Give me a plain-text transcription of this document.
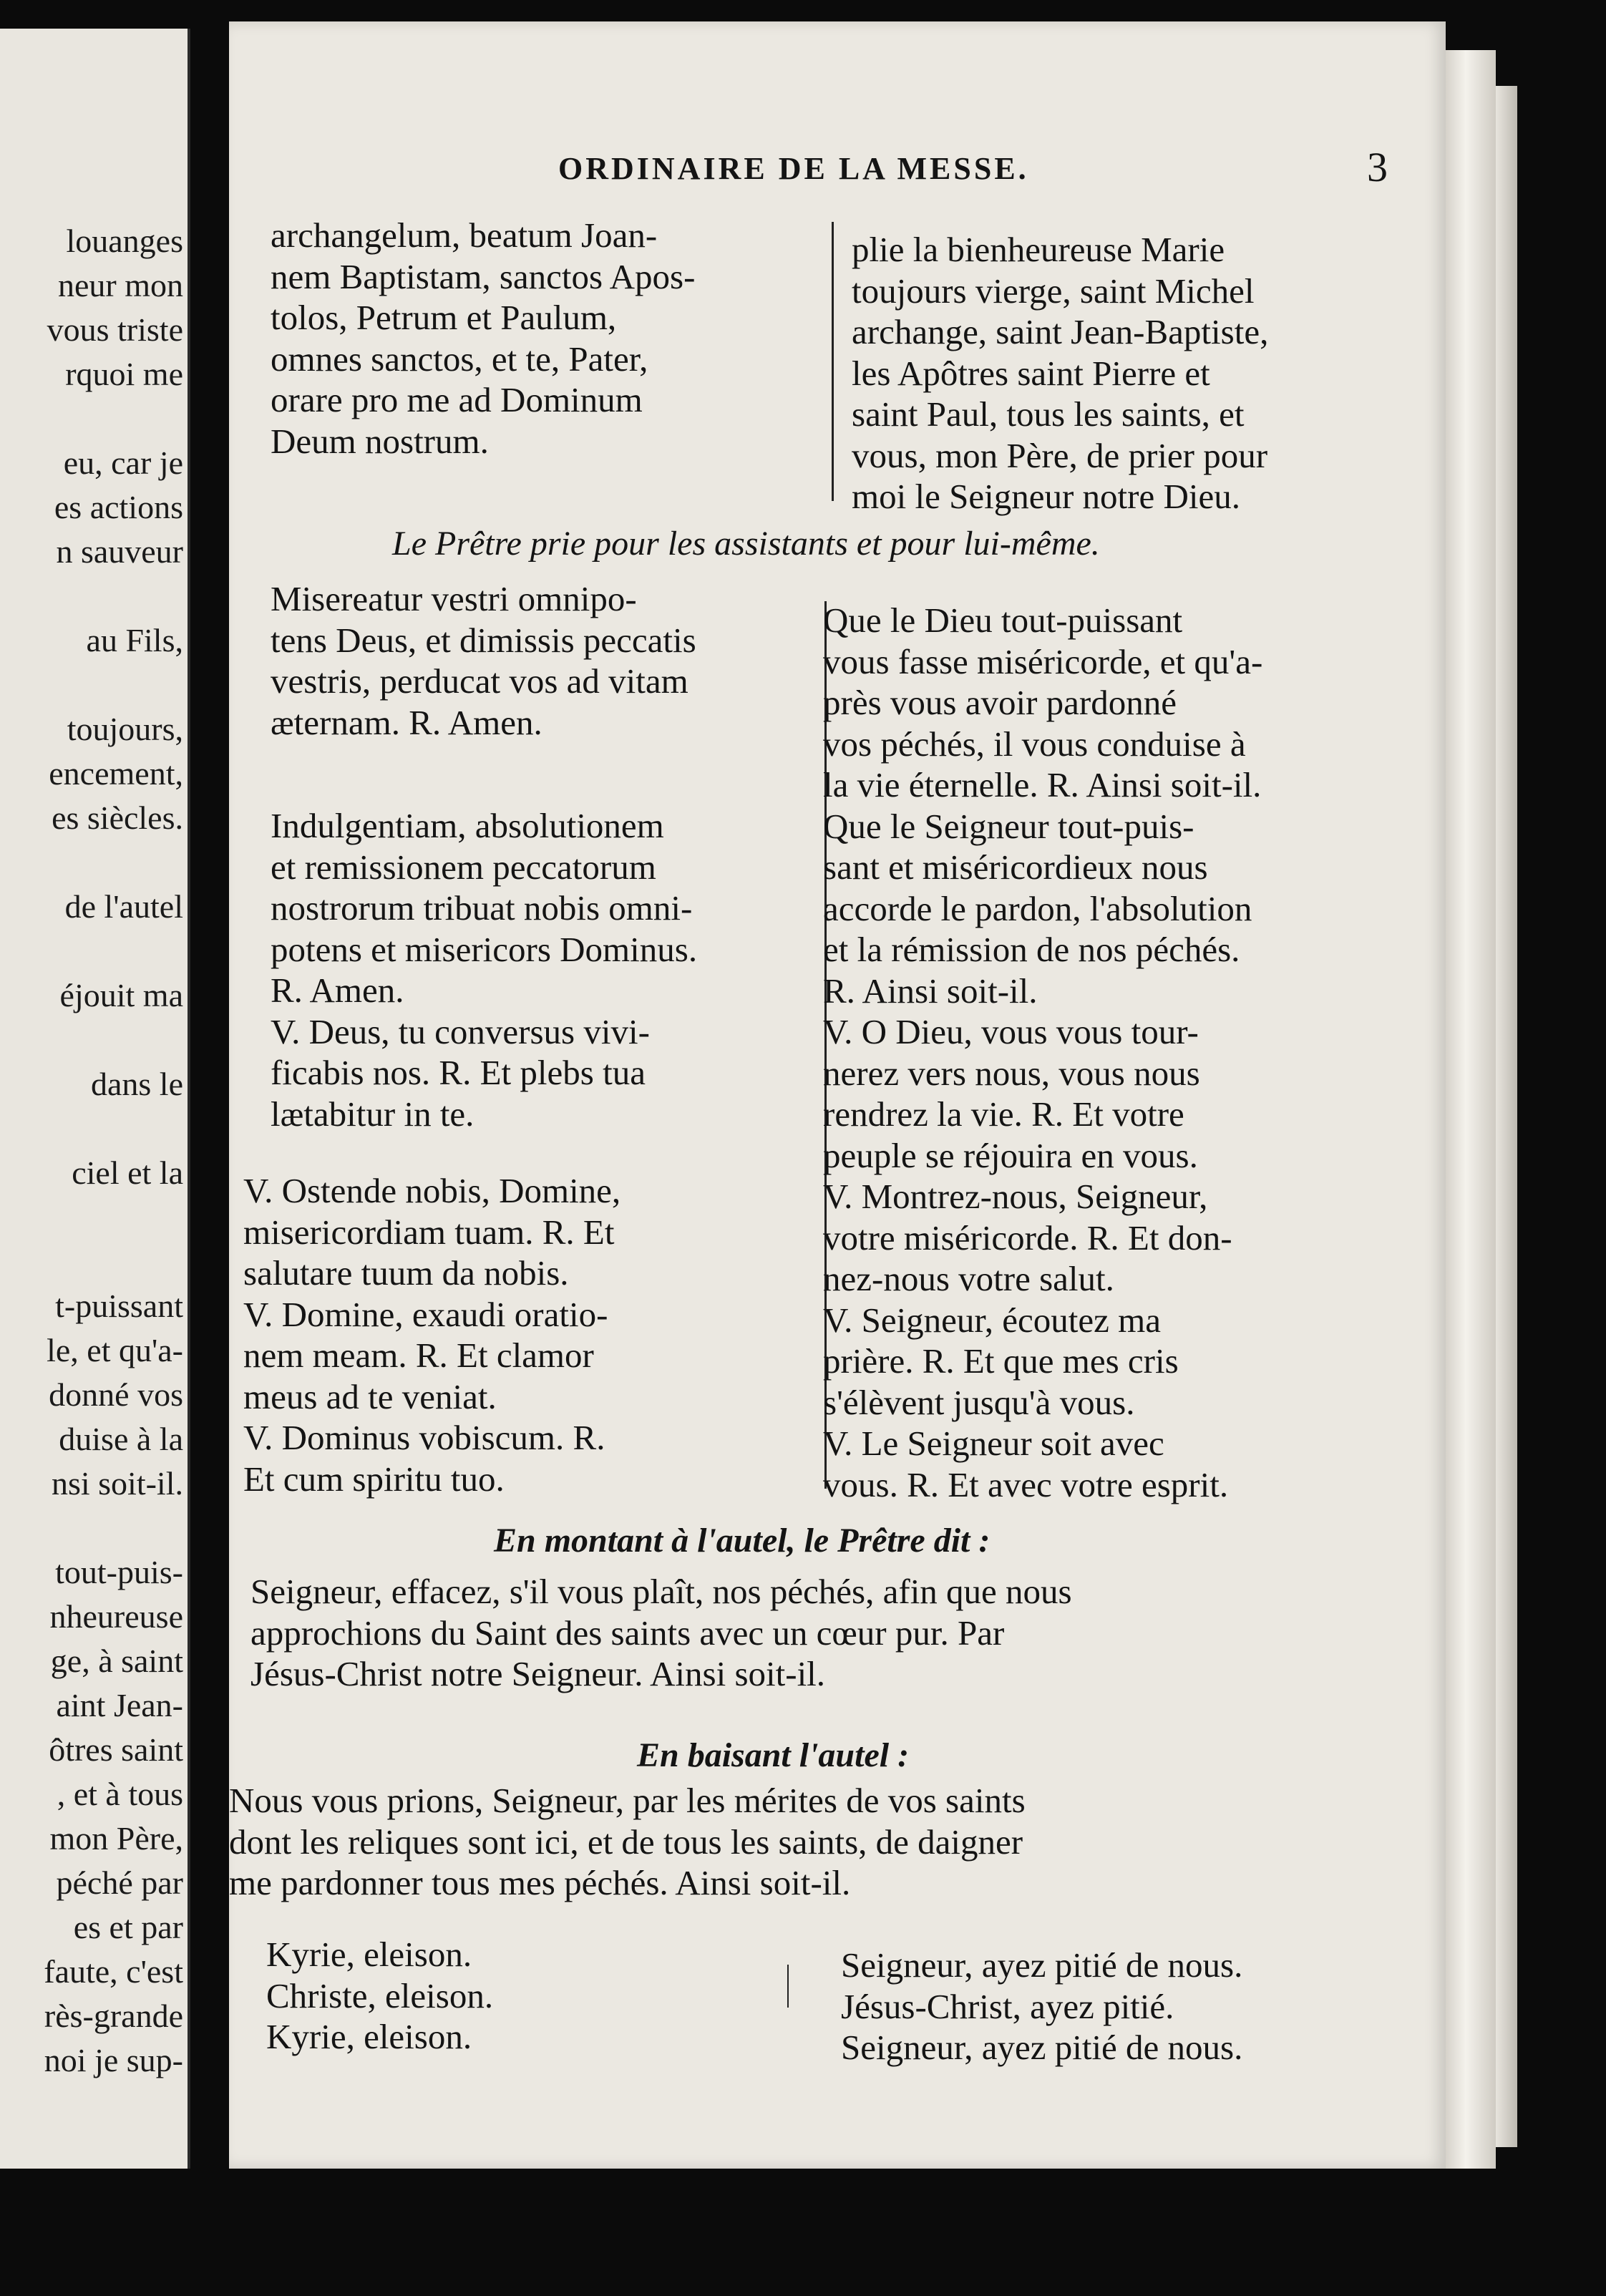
louanges
neur mon
vous triste
rquoi me
eu, car je
es actions
n sauveur
au Fils,
toujours,
encement,
es siècles.
de l'autel
éjouit ma
dans le
ciel et la
t-puissant
le, et qu'a-
donné vos
duise à la
nsi soit-il.
tout-puis-
nheureuse
ge, à saint
aint Jean-
ôtres saint
, et à tous
mon Père,
péché par
es et par
faute, c'est
rès-grande
noi je sup-
ORDINAIRE DE LA MESSE.	3
archangelum, beatum Joan-
nem Baptistam, sanctos Apos-
tolos, Petrum et Paulum,
omnes sanctos, et te, Pater,
orare pro me ad Dominum
Deum nostrum.
plie la bienheureuse Marie
toujours vierge, saint Michel
archange, saint Jean-Baptiste,
les Apôtres saint Pierre et
saint Paul, tous les saints, et
vous, mon Père, de prier pour
moi le Seigneur notre Dieu.
Le Prêtre prie pour les assistants et pour lui-même.
Misereatur vestri omnipo-
tens Deus, et dimissis peccatis
vestris, perducat vos ad vitam
æternam. R. Amen.
Indulgentiam, absolutionem
et remissionem peccatorum
nostrorum tribuat nobis omni-
potens et misericors Dominus.
R. Amen.
V. Deus, tu conversus vivi-
ficabis nos. R. Et plebs tua
lætabitur in te.
V. Ostende nobis, Domine,
misericordiam tuam. R. Et
salutare tuum da nobis.
V. Domine, exaudi oratio-
nem meam. R. Et clamor
meus ad te veniat.
V. Dominus vobiscum. R.
Et cum spiritu tuo.
Que le Dieu tout-puissant
vous fasse miséricorde, et qu'a-
près vous avoir pardonné
vos péchés, il vous conduise à
la vie éternelle. R. Ainsi soit-il.
Que le Seigneur tout-puis-
sant et miséricordieux nous
accorde le pardon, l'absolution
et la rémission de nos péchés.
R. Ainsi soit-il.
V. O Dieu, vous vous tour-
nerez vers nous, vous nous
rendrez la vie. R. Et votre
peuple se réjouira en vous.
V. Montrez-nous, Seigneur,
votre miséricorde. R. Et don-
nez-nous votre salut.
V. Seigneur, écoutez ma
prière. R. Et que mes cris
s'élèvent jusqu'à vous.
V. Le Seigneur soit avec
vous. R. Et avec votre esprit.
En montant à l'autel, le Prêtre dit :
Seigneur, effacez, s'il vous plaît, nos péchés, afin que nous
approchions du Saint des saints avec un cœur pur. Par
Jésus-Christ notre Seigneur. Ainsi soit-il.
En baisant l'autel :
Nous vous prions, Seigneur, par les mérites de vos saints
dont les reliques sont ici, et de tous les saints, de daigner
me pardonner tous mes péchés. Ainsi soit-il.
Kyrie, eleison.
Christe, eleison.
Kyrie, eleison.
Seigneur, ayez pitié de nous.
Jésus-Christ, ayez pitié.
Seigneur, ayez pitié de nous.
